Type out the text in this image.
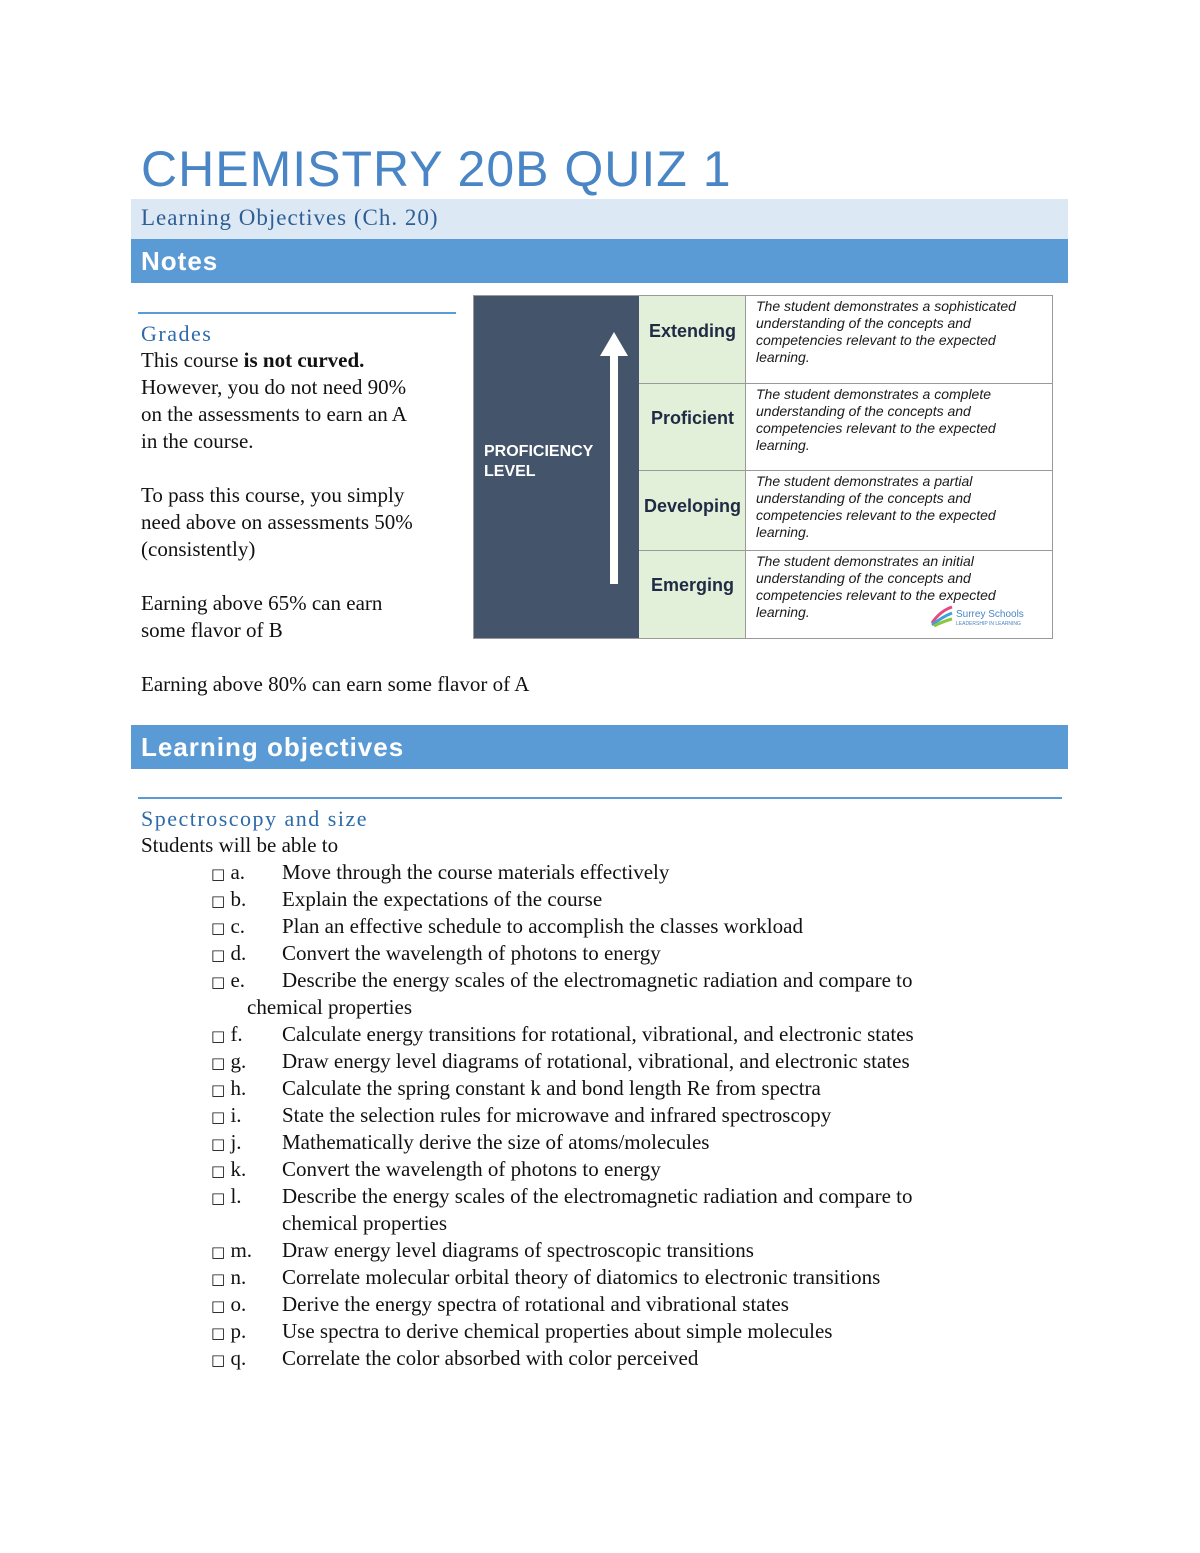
CHEMISTRY 20B QUIZ 1
Learning Objectives (Ch. 20)
Notes
Grades
This course is not curved.
However, you do not need 90%
on the assessments to earn an A
in the course.
To pass this course, you simply
need above on assessments 50%
(consistently)
Earning above 65% can earn
some flavor of B
Earning above 80% can earn some flavor of A
PROFICIENCY
LEVEL
Extending
The student demonstrates a sophisticated understanding of the concepts and competencies relevant to the expected learning.
Proficient
The student demonstrates a complete understanding of the concepts and competencies relevant to the expected learning.
Developing
The student demonstrates a partial understanding of the concepts and competencies relevant to the expected learning.
Emerging
The student demonstrates an initial understanding of the concepts and competencies relevant to the expected learning.	Surrey Schools
LEADERSHIP IN LEARNING
Learning objectives
Spectroscopy and size
Students will be able to
□ a. Move through the course materials effectively
□ b. Explain the expectations of the course
□ c. Plan an effective schedule to accomplish the classes workload
□ d. Convert the wavelength of photons to energy
□ e. Describe the energy scales of the electromagnetic radiation and compare to
chemical properties
□ f. Calculate energy transitions for rotational, vibrational, and electronic states
□ g. Draw energy level diagrams of rotational, vibrational, and electronic states
□ h. Calculate the spring constant k and bond length Re from spectra
□ i. State the selection rules for microwave and infrared spectroscopy
□ j. Mathematically derive the size of atoms/molecules
□ k. Convert the wavelength of photons to energy
□ l. Describe the energy scales of the electromagnetic radiation and compare to
chemical properties
□ m. Draw energy level diagrams of spectroscopic transitions
□ n. Correlate molecular orbital theory of diatomics to electronic transitions
□ o. Derive the energy spectra of rotational and vibrational states
□ p. Use spectra to derive chemical properties about simple molecules
□ q. Correlate the color absorbed with color perceived
